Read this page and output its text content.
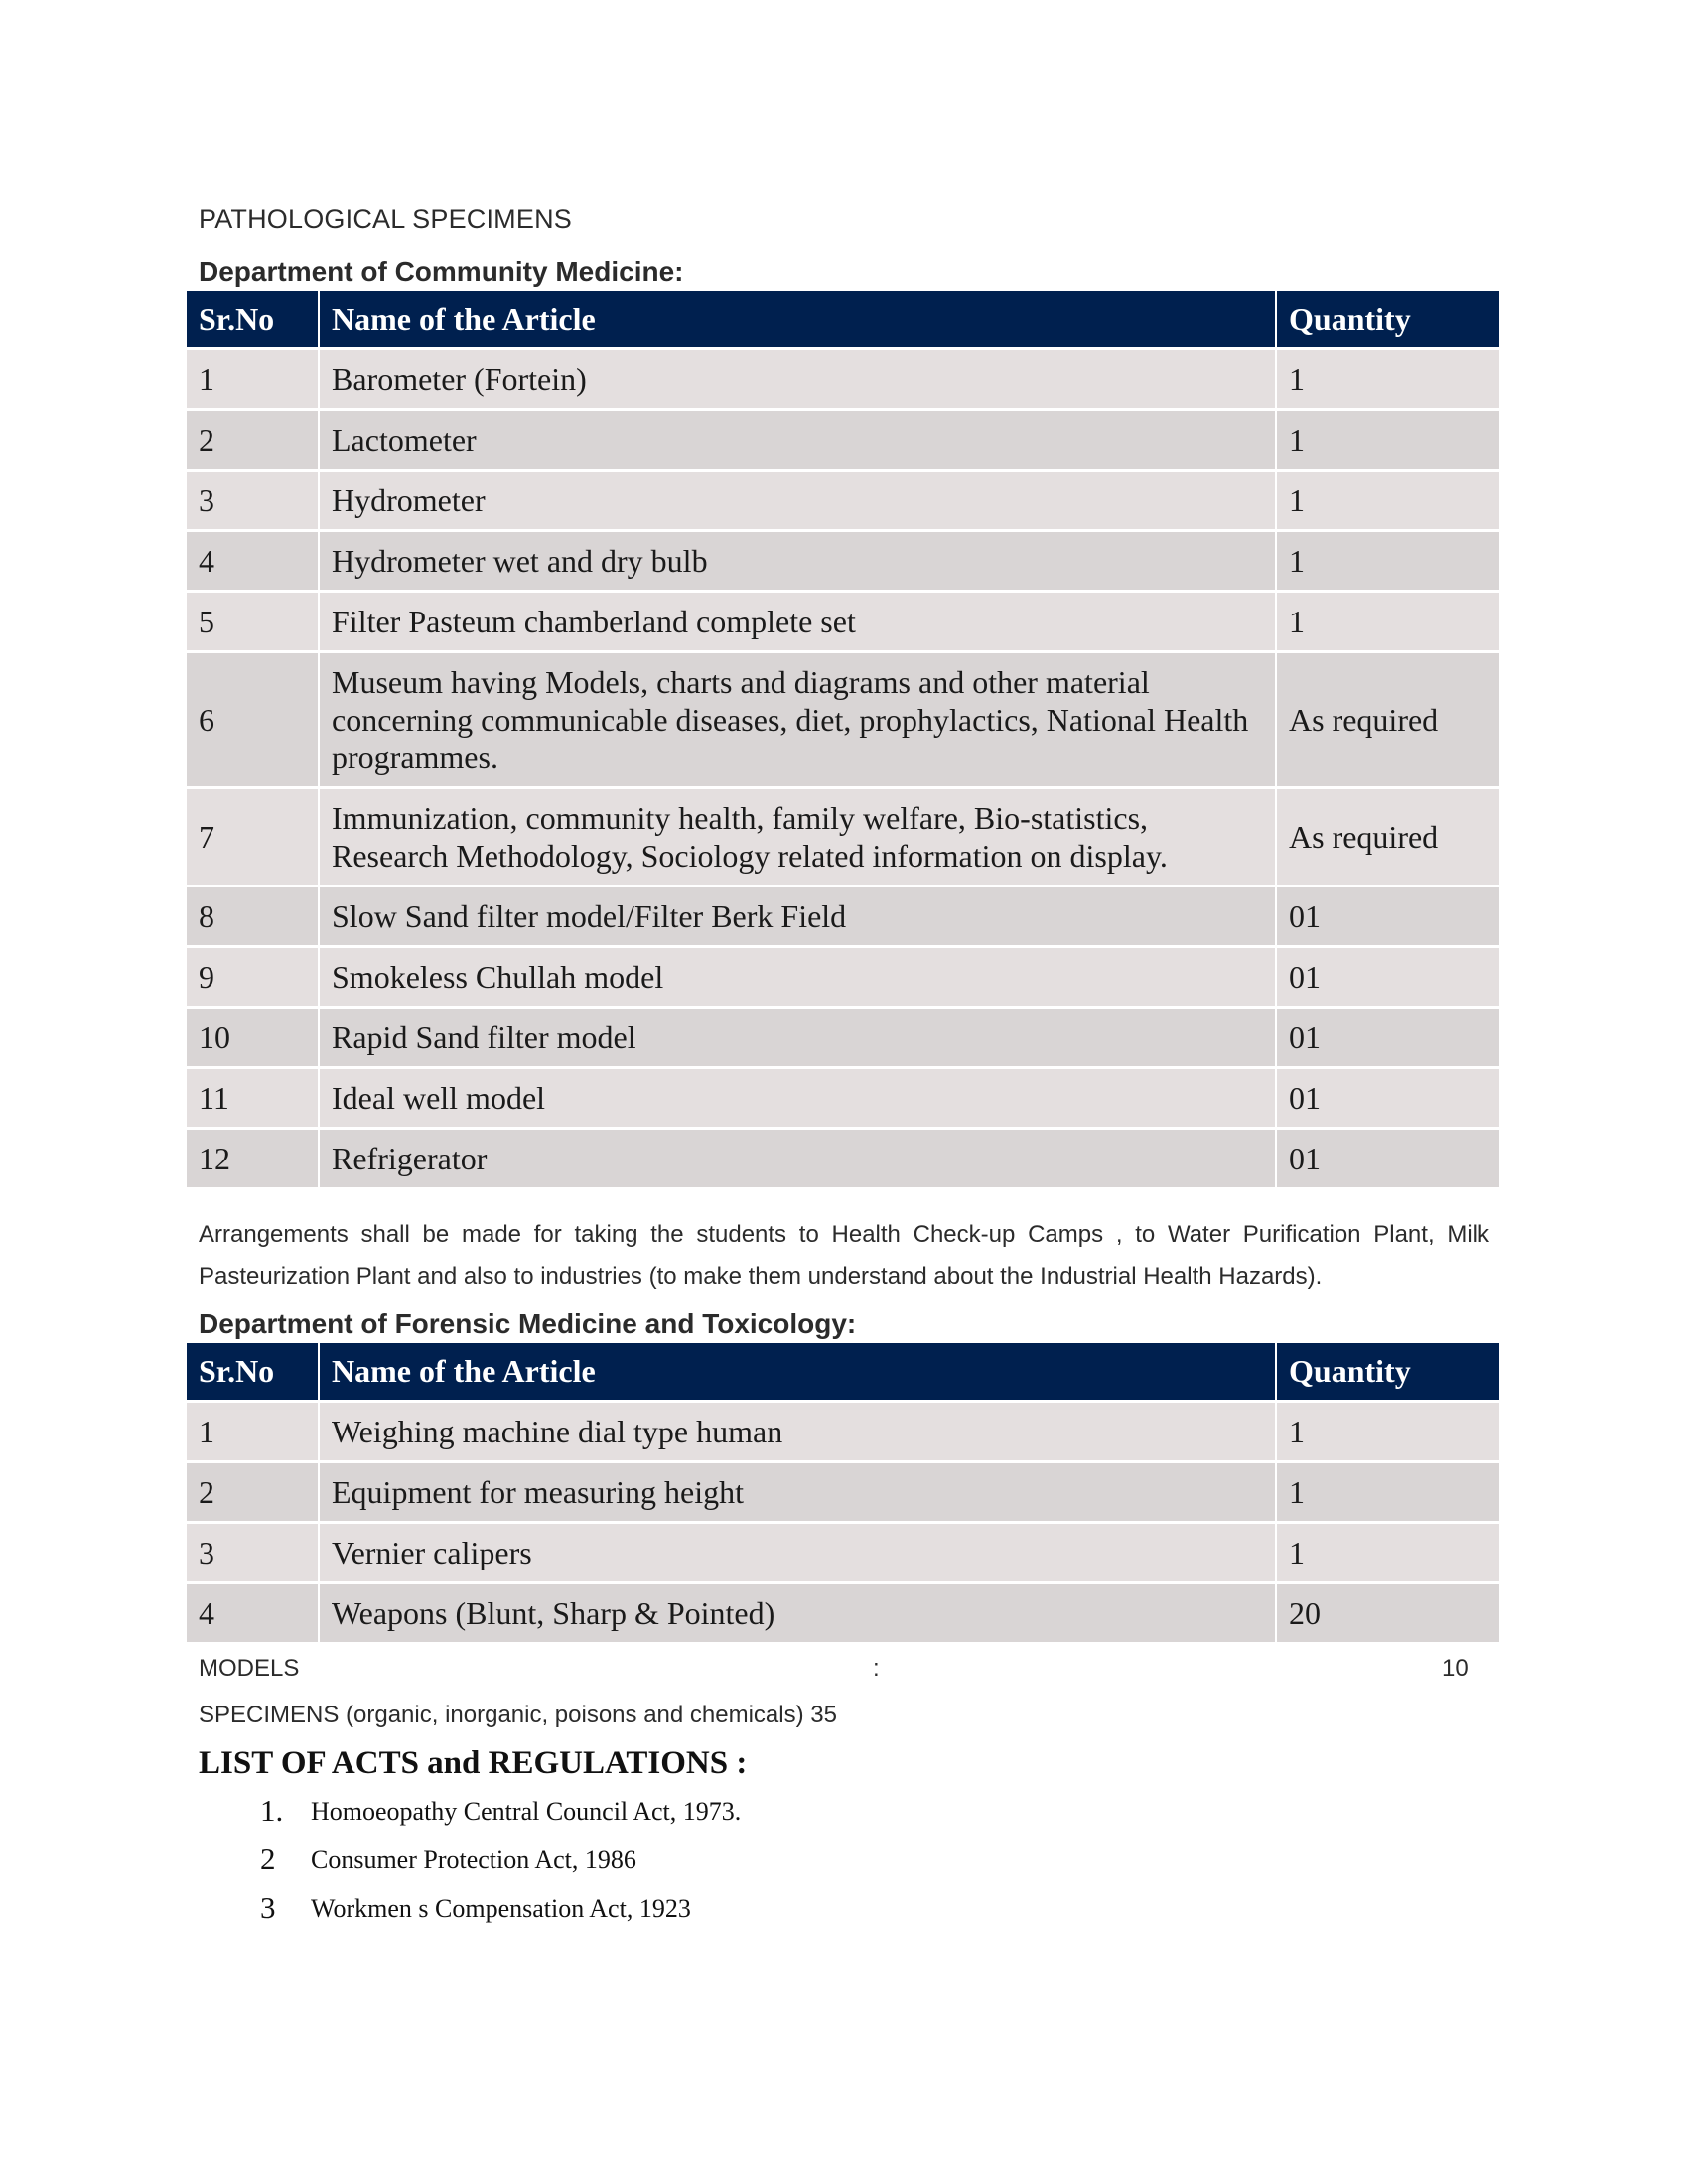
PATHOLOGICAL SPECIMENS
Department of Community Medicine:
Sr.No	Name of the Article	Quantity
1	Barometer (Fortein)	1
2	Lactometer	1
3	Hydrometer	1
4	Hydrometer wet and dry bulb	1
5	Filter Pasteum chamberland complete set	1
6	Museum having Models, charts and diagrams and other material concerning communicable diseases, diet, prophylactics, National Health programmes.	As required
7	Immunization, community health, family welfare, Bio-statistics, Research Methodology, Sociology related information on display.	As required
8	Slow Sand filter model/Filter Berk Field	01
9	Smokeless Chullah model	01
10	Rapid Sand filter model	01
11	Ideal well model	01
12	Refrigerator	01
Arrangements shall be made for taking the students to Health Check-up Camps , to Water Purification Plant, Milk Pasteurization Plant and also to industries (to make them understand about the Industrial Health Hazards).
Department of Forensic Medicine and Toxicology:
Sr.No	Name of the Article	Quantity
1	Weighing machine dial type human	1
2	Equipment for measuring height	1
3	Vernier calipers	1
4	Weapons (Blunt, Sharp & Pointed)	20
MODELS	:	10
SPECIMENS (organic, inorganic, poisons and chemicals) 35
LIST OF ACTS and REGULATIONS :
1. Homoeopathy Central Council Act, 1973.
2 Consumer Protection Act, 1986
3 Workmen s Compensation Act, 1923
